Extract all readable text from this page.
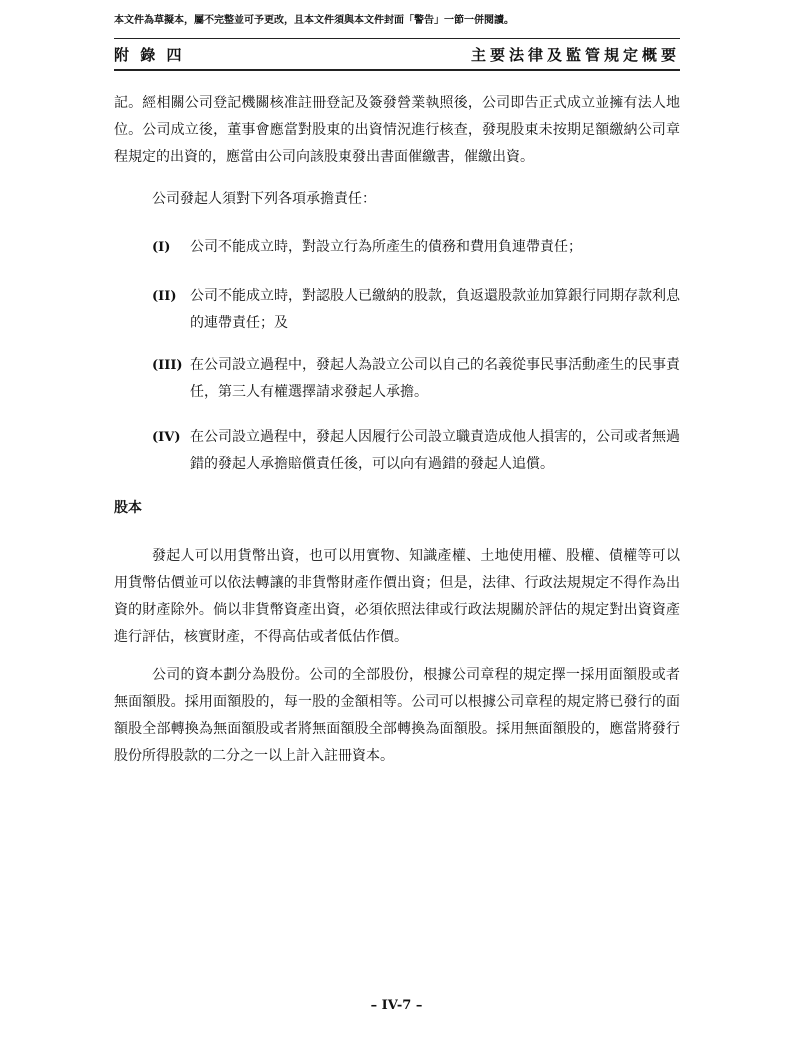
本文件為草擬本，屬不完整並可予更改，且本文件須與本文件封面「警告」一節一併閱讀。
附 錄 四	主要法律及監管規定概要
記。經相關公司登記機關核准註冊登記及簽發營業執照後，公司即告正式成立並擁有法人地位。公司成立後，董事會應當對股東的出資情況進行核查，發現股東未按期足額繳納公司章程規定的出資的，應當由公司向該股東發出書面催繳書，催繳出資。
公司發起人須對下列各項承擔責任：
(I) 公司不能成立時，對設立行為所產生的債務和費用負連帶責任；
(II) 公司不能成立時，對認股人已繳納的股款，負返還股款並加算銀行同期存款利息的連帶責任；及
(III) 在公司設立過程中，發起人為設立公司以自己的名義從事民事活動產生的民事責任，第三人有權選擇請求發起人承擔。
(IV) 在公司設立過程中，發起人因履行公司設立職責造成他人損害的，公司或者無過錯的發起人承擔賠償責任後，可以向有過錯的發起人追償。
股本
發起人可以用貨幣出資，也可以用實物、知識產權、土地使用權、股權、債權等可以用貨幣估價並可以依法轉讓的非貨幣財產作價出資；但是，法律、行政法規規定不得作為出資的財產除外。倘以非貨幣資產出資，必須依照法律或行政法規關於評估的規定對出資資產進行評估，核實財產，不得高估或者低估作價。
公司的資本劃分為股份。公司的全部股份，根據公司章程的規定擇一採用面額股或者無面額股。採用面額股的，每一股的金額相等。公司可以根據公司章程的規定將已發行的面額股全部轉換為無面額股或者將無面額股全部轉換為面額股。採用無面額股的，應當將發行股份所得股款的二分之一以上計入註冊資本。
– IV-7 –
